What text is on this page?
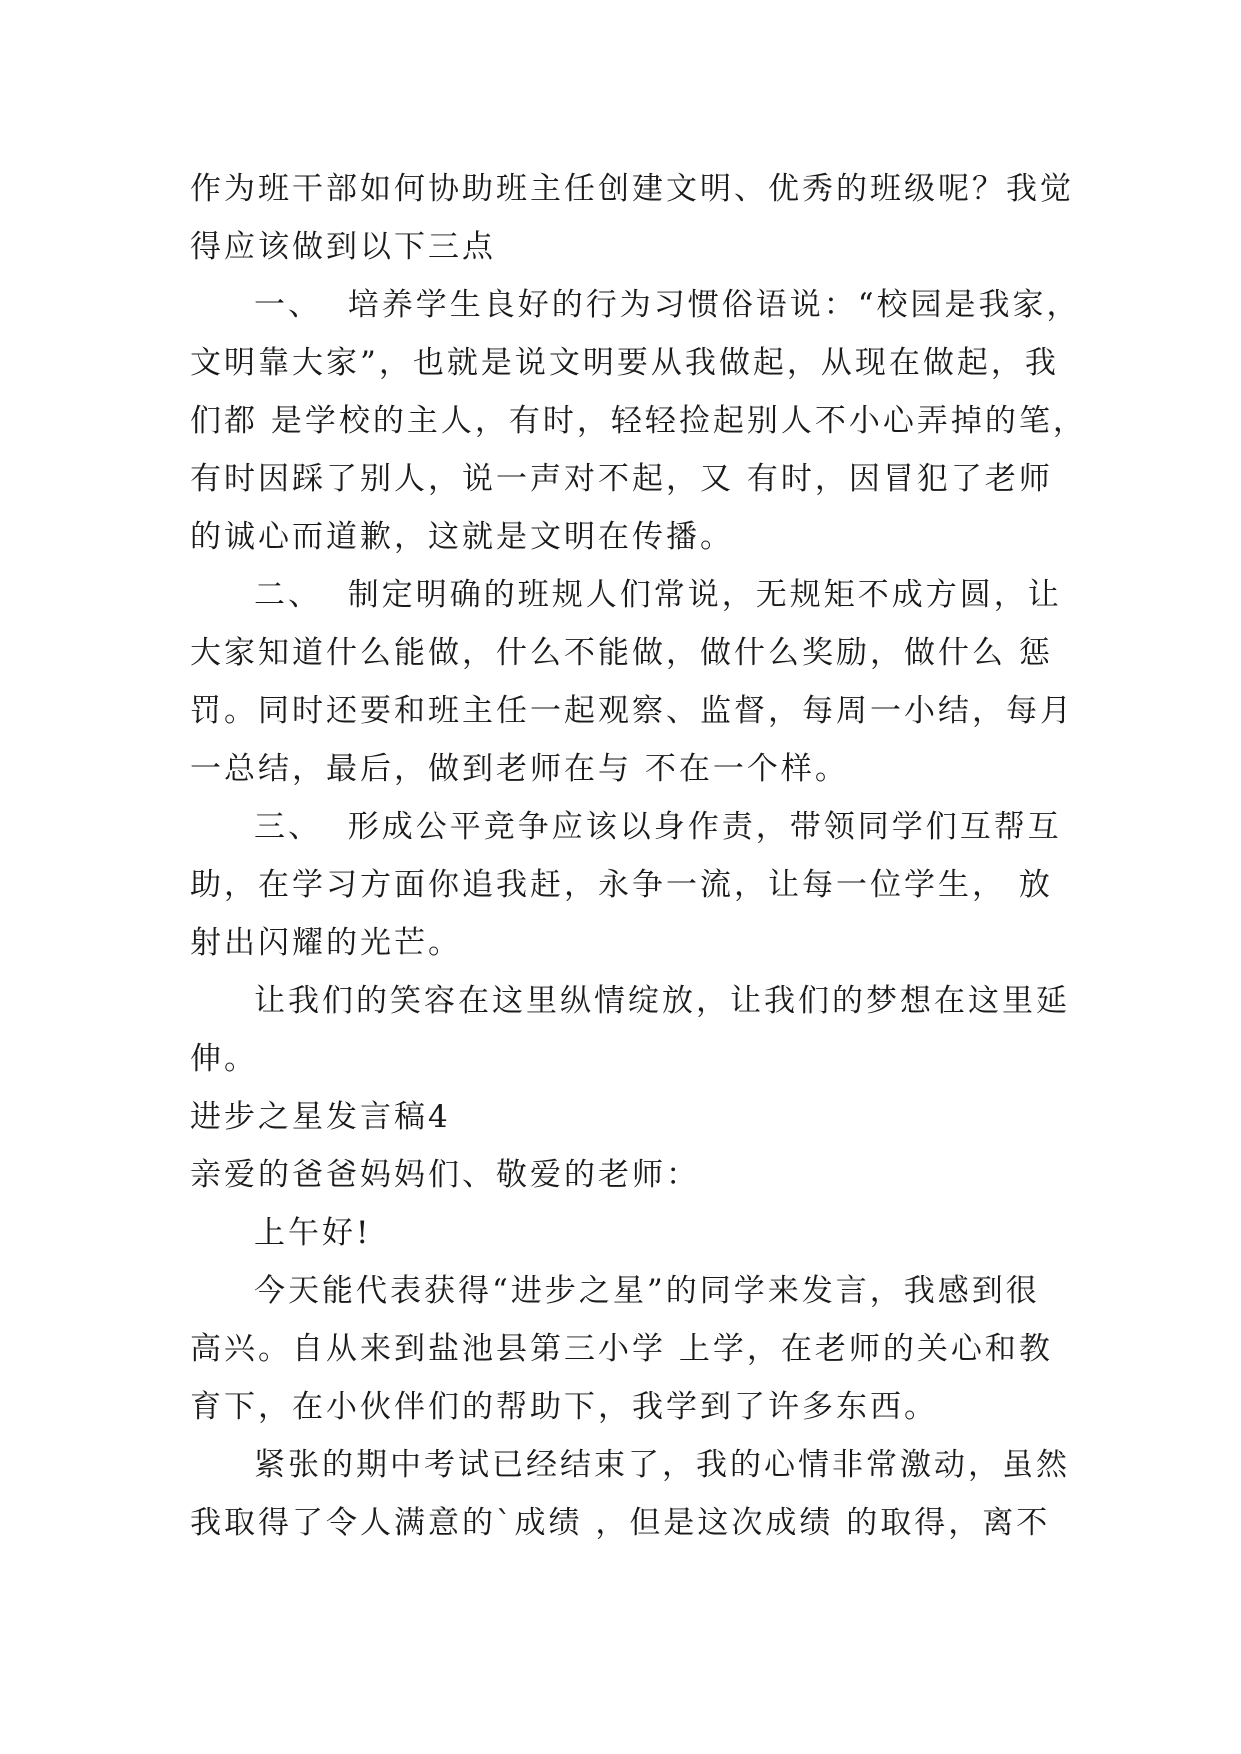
作为班干部如何协助班主任创建文明、优秀的班级呢？我觉
得应该做到以下三点
一、  培养学生良好的行为习惯俗语说：“校园是我家，
文明靠大家”，也就是说文明要从我做起，从现在做起，我
们都 是学校的主人，有时，轻轻捡起别人不小心弄掉的笔，
有时因踩了别人，说一声对不起，又 有时，因冒犯了老师
的诚心而道歉，这就是文明在传播。
二、  制定明确的班规人们常说，无规矩不成方圆，让
大家知道什么能做，什么不能做，做什么奖励，做什么 惩
罚。同时还要和班主任一起观察、监督，每周一小结，每月
一总结，最后，做到老师在与 不在一个样。
三、  形成公平竞争应该以身作责，带领同学们互帮互
助，在学习方面你追我赶，永争一流，让每一位学生， 放
射出闪耀的光芒。
让我们的笑容在这里纵情绽放，让我们的梦想在这里延
伸。
进步之星发言稿4
亲爱的爸爸妈妈们、敬爱的老师：
上午好!
今天能代表获得“进步之星”的同学来发言，我感到很
高兴。自从来到盐池县第三小学 上学，在老师的关心和教
育下，在小伙伴们的帮助下，我学到了许多东西。
紧张的期中考试已经结束了，我的心情非常激动，虽然
我取得了令人满意的`成绩 ，但是这次成绩 的取得，离不
